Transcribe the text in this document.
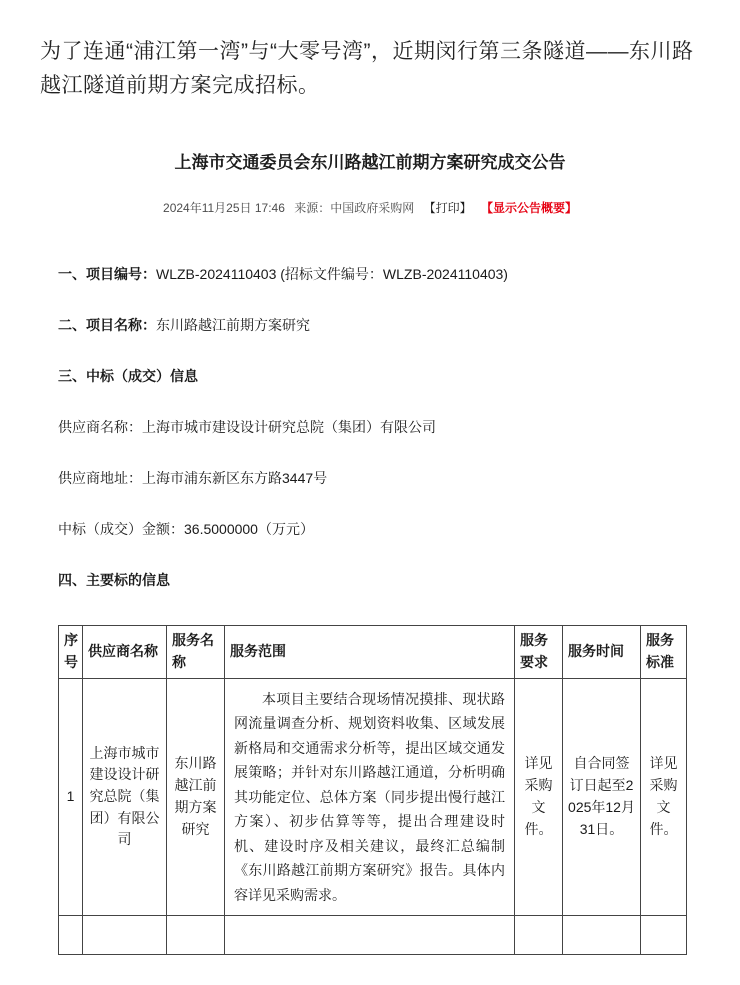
为了连通“浦江第一湾”与“大零号湾”，近期闵行第三条隧道——东川路越江隧道前期方案完成招标。

上海市交通委员会东川路越江前期方案研究成交公告
2024年11月25日 17:46 来源：中国政府采购网 【打印】 【显示公告概要】

一、项目编号：WLZB-2024110403 (招标文件编号：WLZB-2024110403)

二、项目名称：东川路越江前期方案研究

三、中标（成交）信息

供应商名称：上海市城市建设设计研究总院（集团）有限公司

供应商地址：上海市浦东新区东方路3447号

中标（成交）金额：36.5000000（万元）

四、主要标的信息

序号	供应商名称	服务名称	服务范围	服务要求	服务时间	服务标准
1	上海市城市建设设计研究总院（集团）有限公司	东川路越江前期方案研究	本项目主要结合现场情况摸排、现状路网流量调查分析、规划资料收集、区域发展新格局和交通需求分析等，提出区域交通发展策略；并针对东川路越江通道，分析明确其功能定位、总体方案（同步提出慢行越江方案）、初步估算等等，提出合理建设时机、建设时序及相关建议，最终汇总编制《东川路越江前期方案研究》报告。具体内容详见采购需求。	详见采购文件。	自合同签订日起至2025年12月31日。	详见采购文件。
